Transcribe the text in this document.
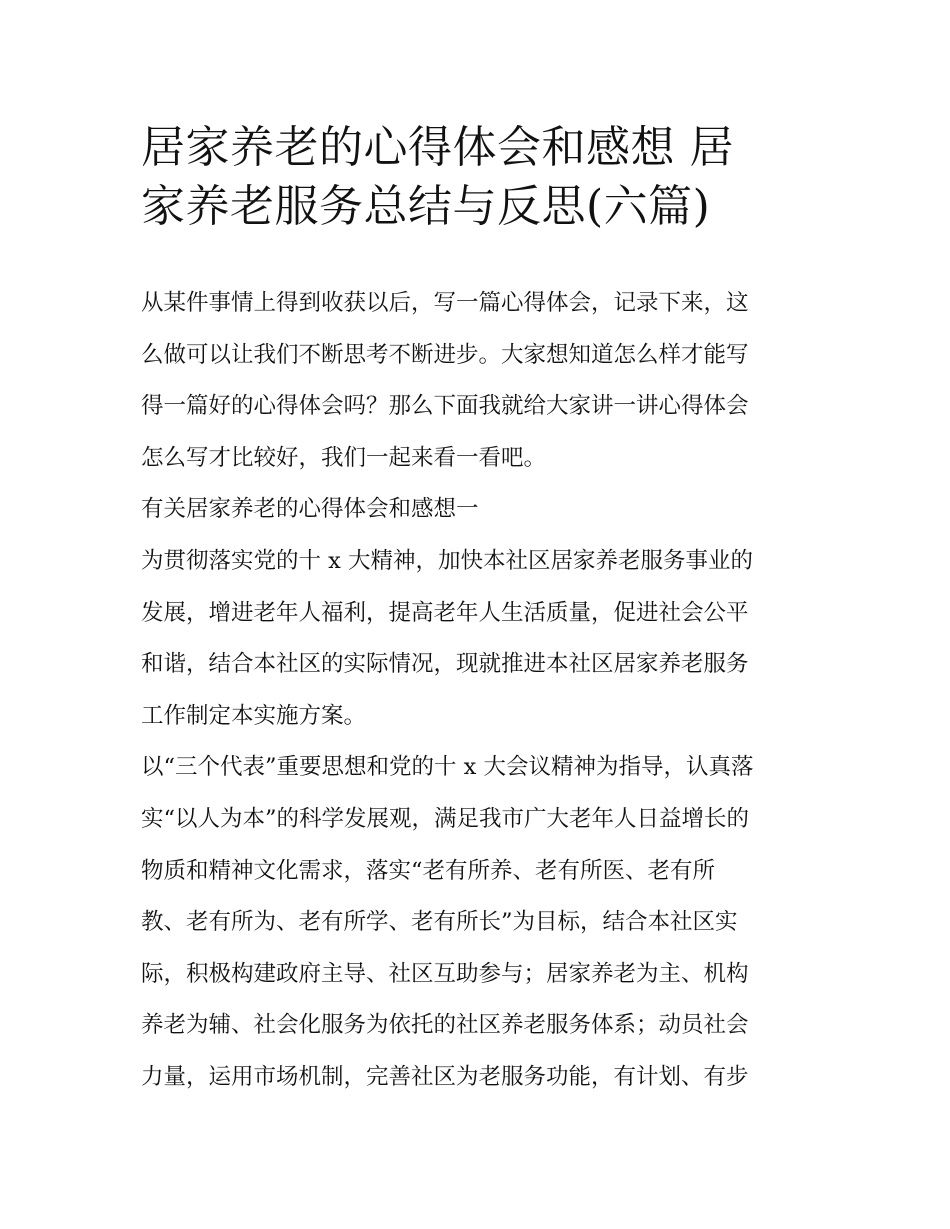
居家养老的心得体会和感想 居
家养老服务总结与反思(六篇)

从某件事情上得到收获以后，写一篇心得体会，记录下来，这

么做可以让我们不断思考不断进步。大家想知道怎么样才能写

得一篇好的心得体会吗？那么下面我就给大家讲一讲心得体会

怎么写才比较好，我们一起来看一看吧。

有关居家养老的心得体会和感想一

为贯彻落实党的十 x 大精神，加快本社区居家养老服务事业的

发展，增进老年人福利，提高老年人生活质量，促进社会公平

和谐，结合本社区的实际情况，现就推进本社区居家养老服务

工作制定本实施方案。

以“三个代表”重要思想和党的十 x 大会议精神为指导，认真落

实“以人为本”的科学发展观，满足我市广大老年人日益增长的

物质和精神文化需求，落实“老有所养、老有所医、老有所

教、老有所为、老有所学、老有所长”为目标，结合本社区实

际，积极构建政府主导、社区互助参与；居家养老为主、机构

养老为辅、社会化服务为依托的社区养老服务体系；动员社会

力量，运用市场机制，完善社区为老服务功能，有计划、有步
